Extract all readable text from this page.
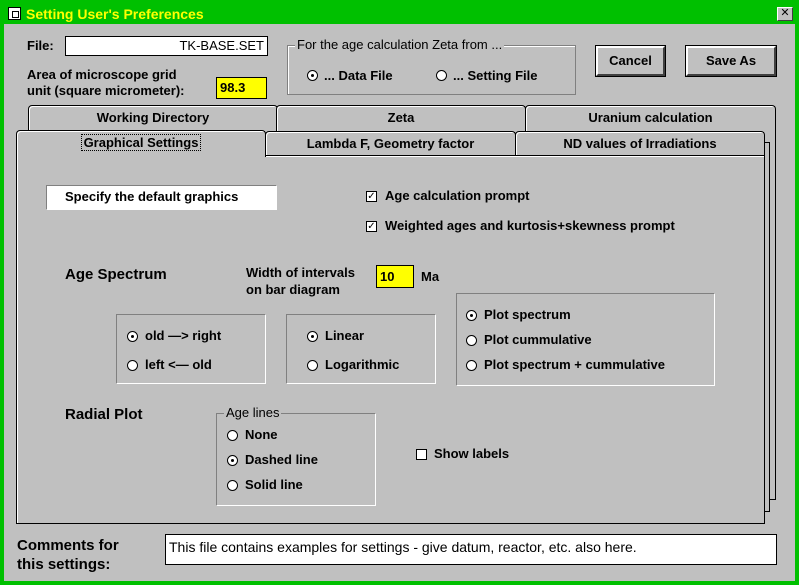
Setting User's Preferences	✕
File:	TK-BASE.SET
Area of microscope grid
unit (square micrometer):	98.3
For the age calculation Zeta from ...
... Data File	... Setting File
Cancel	Save As
Working Directory	Zeta	Uranium calculation
Graphical Settings	Lambda F, Geometry factor	ND values of Irradiations
Specify the default graphics	✓ Age calculation prompt
✓ Weighted ages and kurtosis+skewness prompt
Age Spectrum	Width of intervals
on bar diagram
10	Ma
old —> right
left <— old
Linear
Logarithmic
Plot spectrum
Plot cummulative
Plot spectrum + cummulative
Radial Plot	Age lines
None
Dashed line
Solid line
Show labels
Comments for
this settings:
This file contains examples for settings - give datum, reactor, etc. also here.
